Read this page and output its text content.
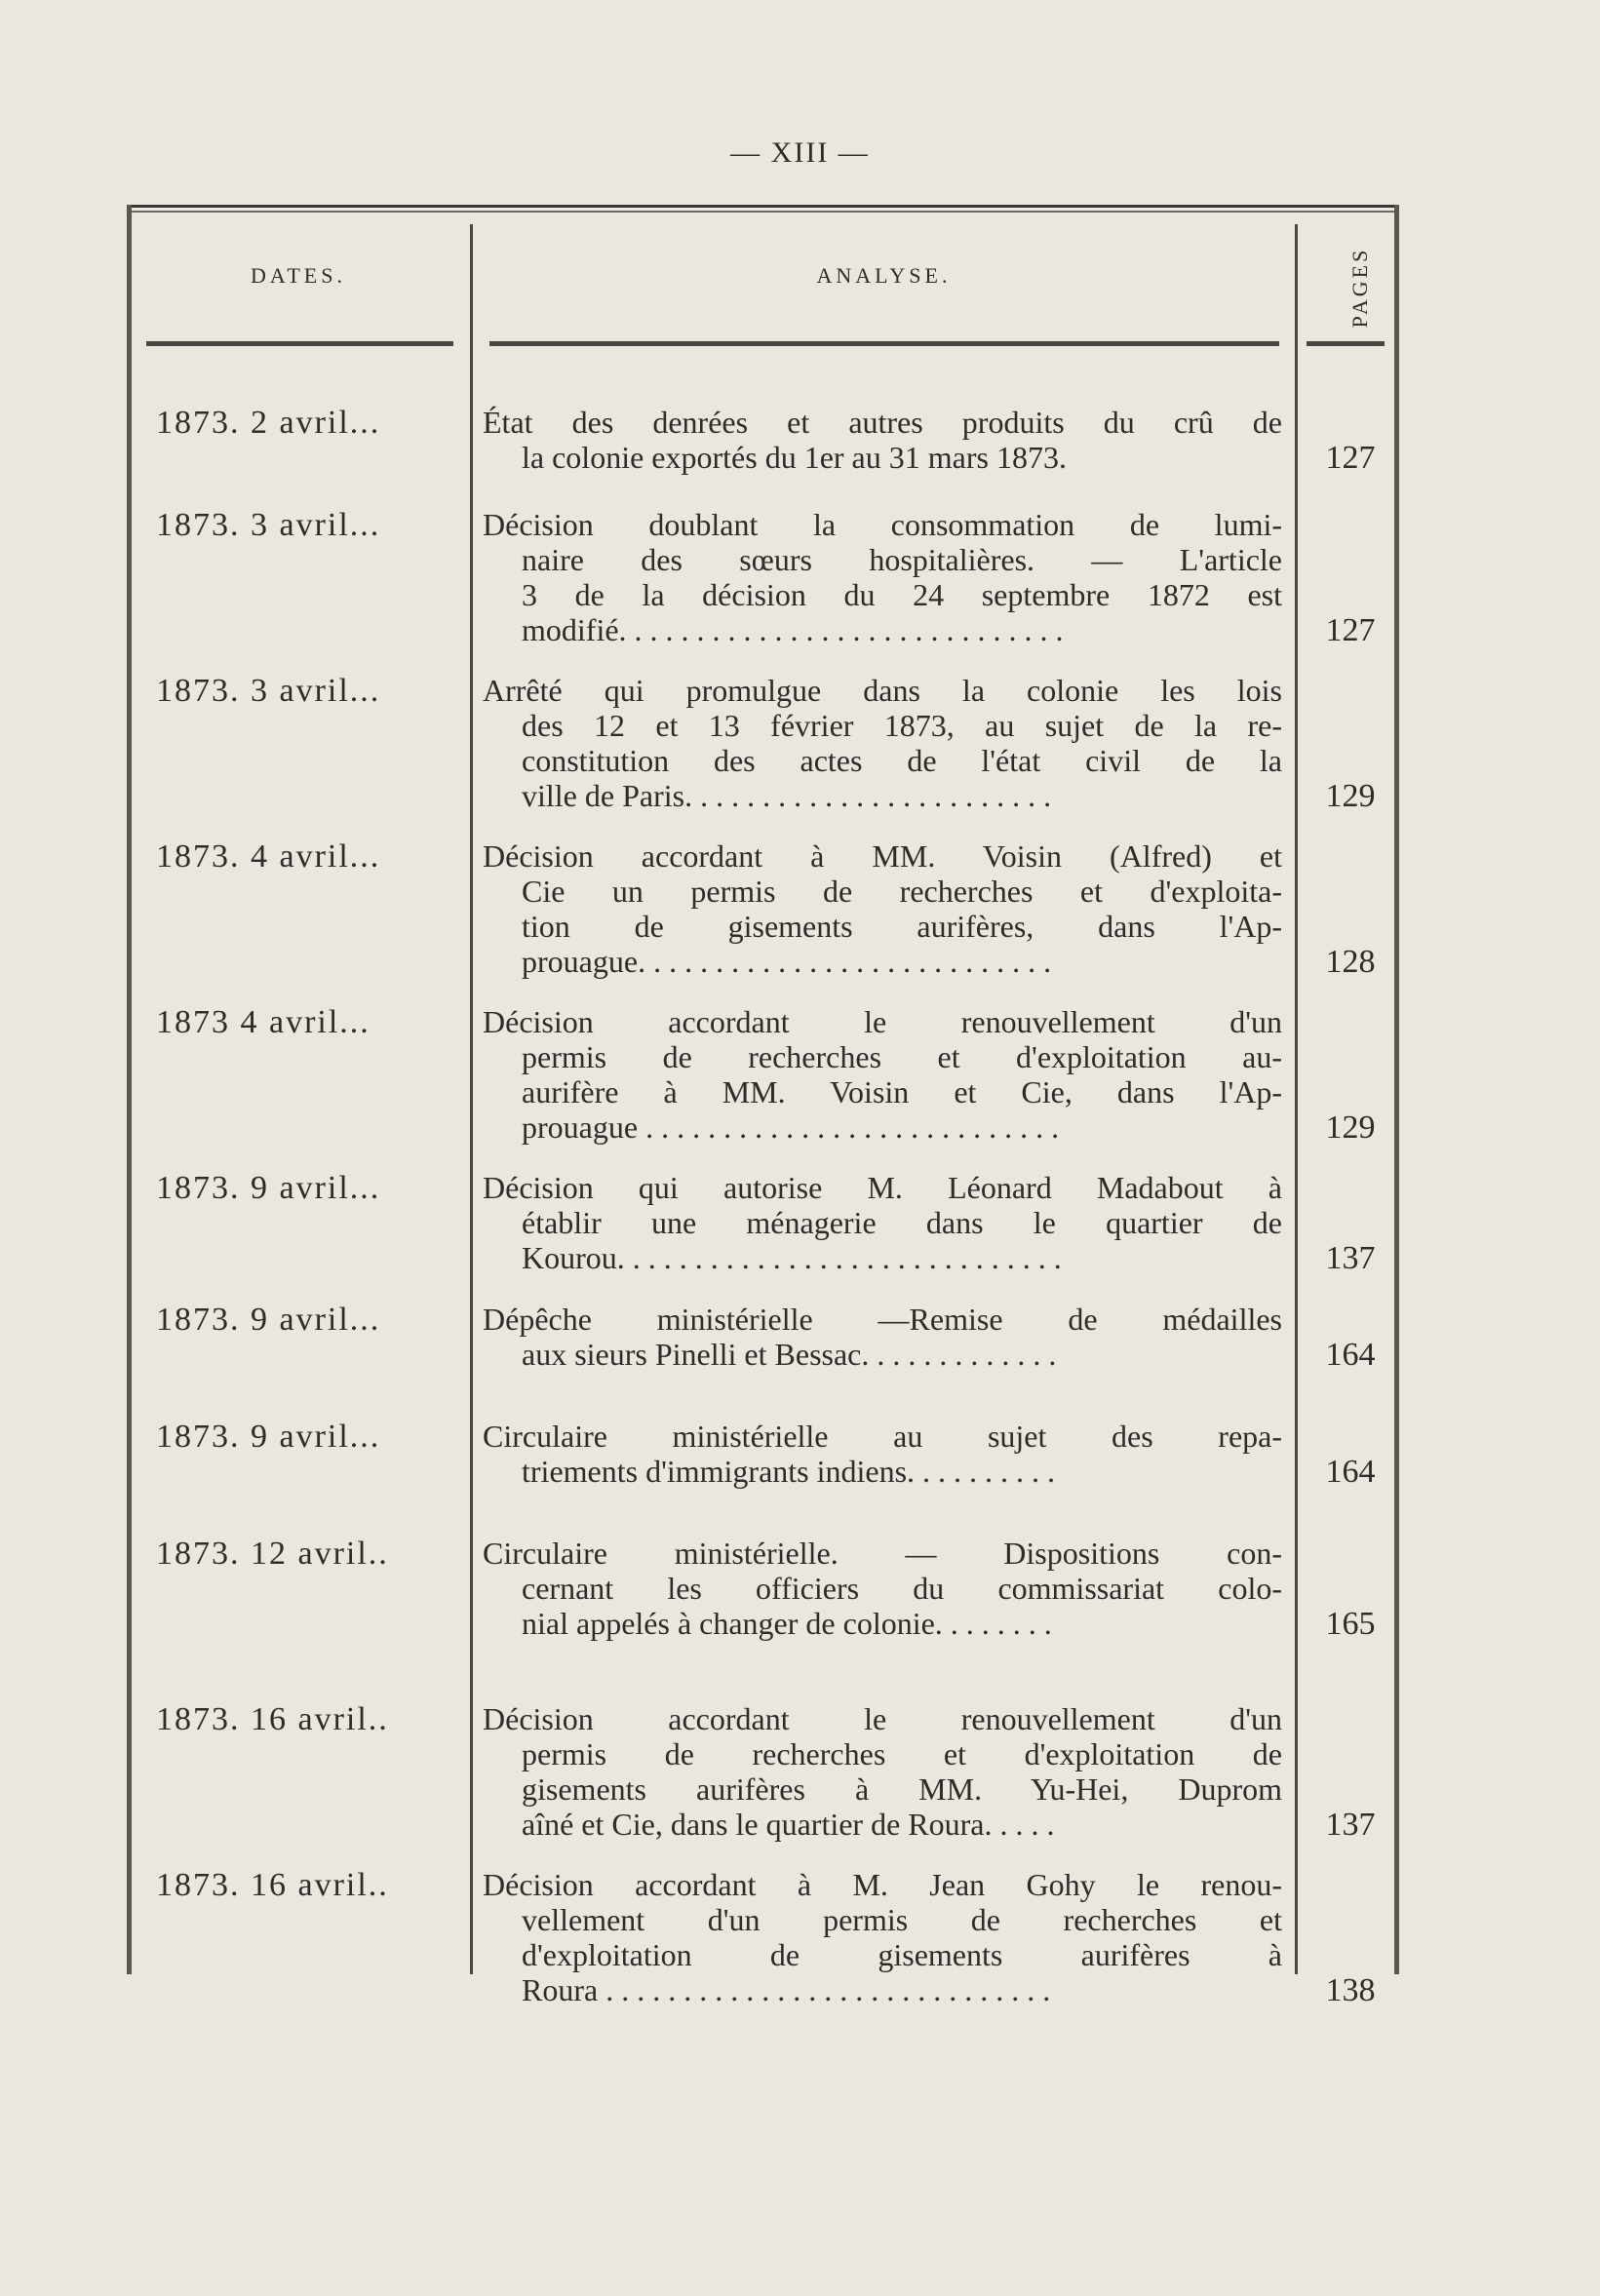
— XIII —
DATES.	ANALYSE.	PAGES
1873. 2 avril...	État des denrées et autres produits du crû de
la colonie exportés du 1er au 31 mars 1873.	127
1873. 3 avril...	Décision doublant la consommation de lumi-
naire des sœurs hospitalières. — L'article
3 de la décision du 24 septembre 1872 est
modifié. . . . . . . . . . . . . . . . . . . . . . . . . . . . .	127
1873. 3 avril...	Arrêté qui promulgue dans la colonie les lois
des 12 et 13 février 1873, au sujet de la re-
constitution des actes de l'état civil de la
ville de Paris. . . . . . . . . . . . . . . . . . . . . . . .	129
1873. 4 avril...	Décision accordant à MM. Voisin (Alfred) et
Cie un permis de recherches et d'exploita-
tion de gisements aurifères, dans l'Ap-
prouague. . . . . . . . . . . . . . . . . . . . . . . . . . .	128
1873 4 avril...	Décision accordant le renouvellement d'un
permis de recherches et d'exploitation au-
aurifère à MM. Voisin et Cie, dans l'Ap-
prouague . . . . . . . . . . . . . . . . . . . . . . . . . . .	129
1873. 9 avril...	Décision qui autorise M. Léonard Madabout à
établir une ménagerie dans le quartier de
Kourou. . . . . . . . . . . . . . . . . . . . . . . . . . . . .	137
1873. 9 avril...	Dépêche ministérielle —Remise de médailles
aux sieurs Pinelli et Bessac. . . . . . . . . . . . .	164
1873. 9 avril...	Circulaire ministérielle au sujet des repa-
triements d'immigrants indiens. . . . . . . . . .	164
1873. 12 avril..	Circulaire ministérielle. — Dispositions con-
cernant les officiers du commissariat colo-
nial appelés à changer de colonie. . . . . . . .	165
1873. 16 avril..	Décision accordant le renouvellement d'un
permis de recherches et d'exploitation de
gisements aurifères à MM. Yu-Hei, Duprom
aîné et Cie, dans le quartier de Roura. . . . .	137
1873. 16 avril..	Décision accordant à M. Jean Gohy le renou-
vellement d'un permis de recherches et
d'exploitation de gisements aurifères à
Roura . . . . . . . . . . . . . . . . . . . . . . . . . . . . .	138
